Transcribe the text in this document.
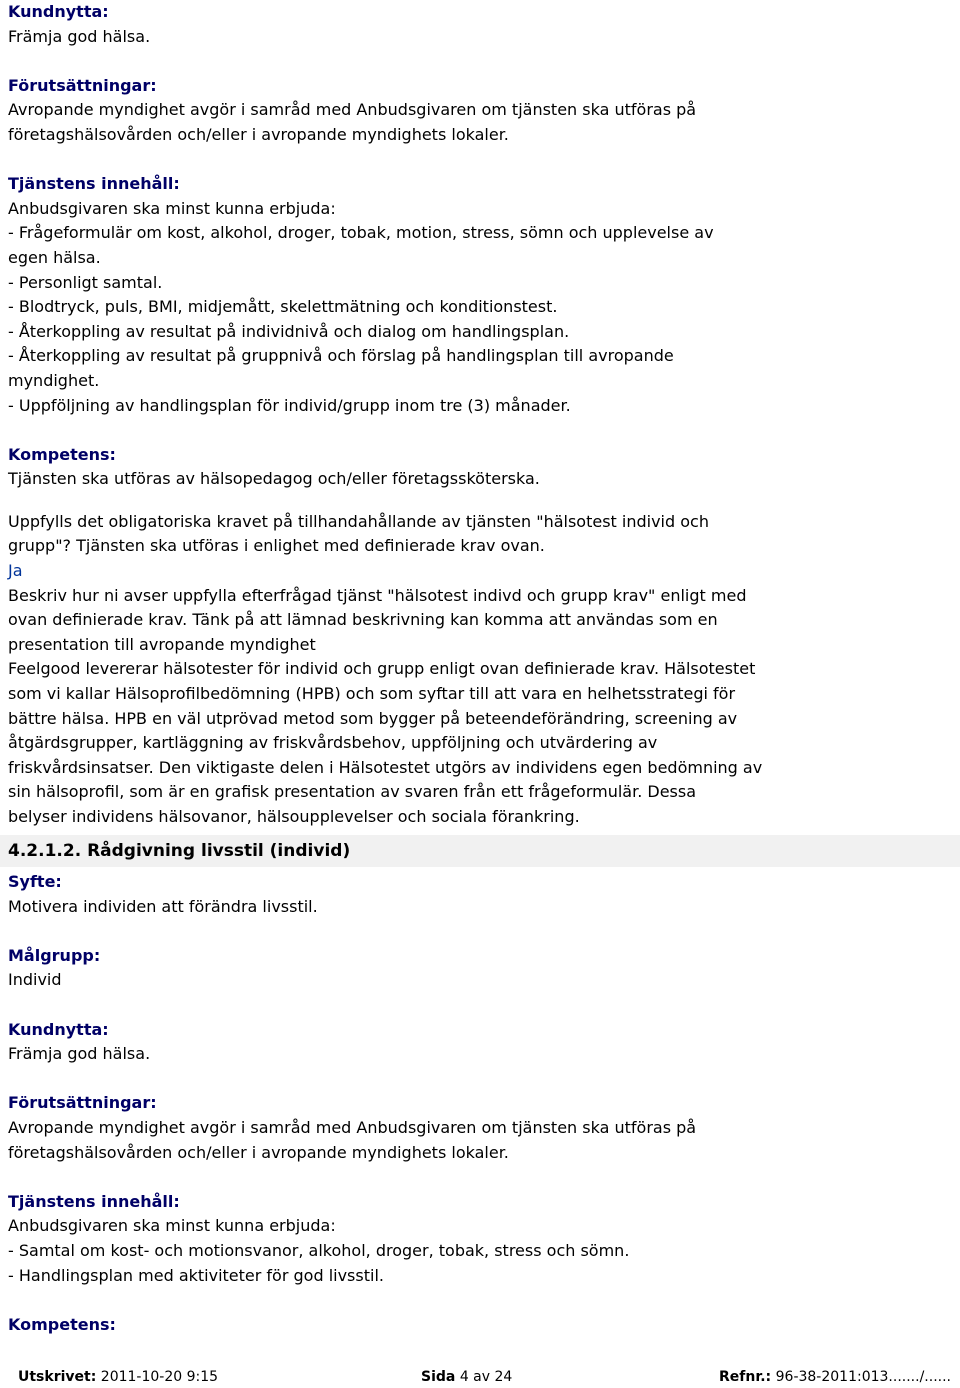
Kundnytta:
Främja god hälsa.
Förutsättningar:
Avropande myndighet avgör i samråd med Anbudsgivaren om tjänsten ska utföras på
företagshälsovården och/eller i avropande myndighets lokaler.
Tjänstens innehåll:
Anbudsgivaren ska minst kunna erbjuda:
- Frågeformulär om kost, alkohol, droger, tobak, motion, stress, sömn och upplevelse av
egen hälsa.
- Personligt samtal.
- Blodtryck, puls, BMI, midjemått, skelettmätning och konditionstest.
- Återkoppling av resultat på individnivå och dialog om handlingsplan.
- Återkoppling av resultat på gruppnivå och förslag på handlingsplan till avropande
myndighet.
- Uppföljning av handlingsplan för individ/grupp inom tre (3) månader.
Kompetens:
Tjänsten ska utföras av hälsopedagog och/eller företagssköterska.
Uppfylls det obligatoriska kravet på tillhandahållande av tjänsten "hälsotest individ och
grupp"? Tjänsten ska utföras i enlighet med definierade krav ovan.
Ja
Beskriv hur ni avser uppfylla efterfrågad tjänst "hälsotest indivd och grupp krav" enligt med
ovan definierade krav. Tänk på att lämnad beskrivning kan komma att användas som en
presentation till avropande myndighet
Feelgood levererar hälsotester för individ och grupp enligt ovan definierade krav. Hälsotestet
som vi kallar Hälsoprofilbedömning (HPB) och som syftar till att vara en helhetsstrategi för
bättre hälsa. HPB en väl utprövad metod som bygger på beteendeförändring, screening av
åtgärdsgrupper, kartläggning av friskvårdsbehov, uppföljning och utvärdering av
friskvårdsinsatser. Den viktigaste delen i Hälsotestet utgörs av individens egen bedömning av
sin hälsoprofil, som är en grafisk presentation av svaren från ett frågeformulär. Dessa
belyser individens hälsovanor, hälsoupplevelser och sociala förankring.
4.2.1.2. Rådgivning livsstil (individ)
Syfte:
Motivera individen att förändra livsstil.
Målgrupp:
Individ
Kundnytta:
Främja god hälsa.
Förutsättningar:
Avropande myndighet avgör i samråd med Anbudsgivaren om tjänsten ska utföras på
företagshälsovården och/eller i avropande myndighets lokaler.
Tjänstens innehåll:
Anbudsgivaren ska minst kunna erbjuda:
- Samtal om kost- och motionsvanor, alkohol, droger, tobak, stress och sömn.
- Handlingsplan med aktiviteter för god livsstil.
Kompetens:
Utskrivet: 2011-10-20 9:15	Sida 4 av 24	Refnr.: 96-38-2011:013......./......
